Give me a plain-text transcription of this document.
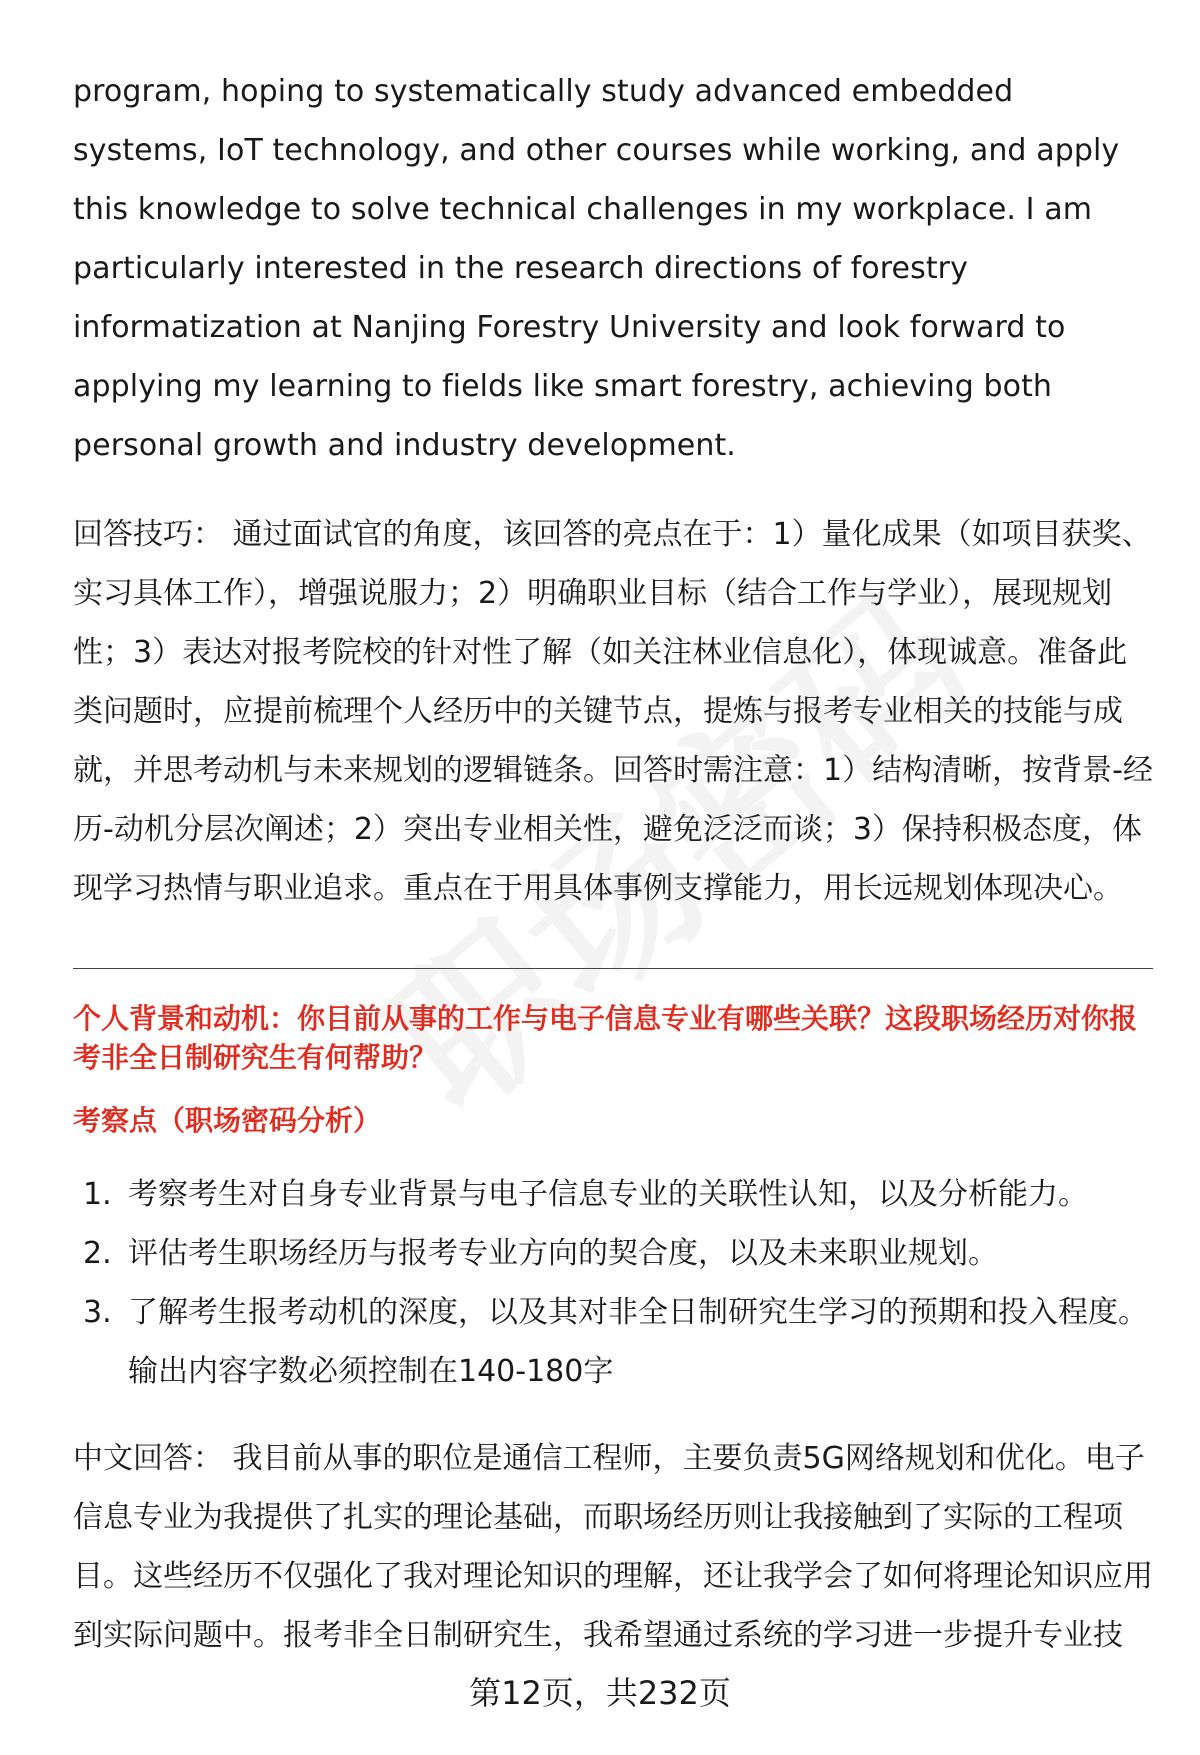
program, hoping to systematically study advanced embedded systems, IoT technology, and other courses while working, and apply this knowledge to solve technical challenges in my workplace. I am particularly interested in the research directions of forestry informatization at Nanjing Forestry University and look forward to applying my learning to fields like smart forestry, achieving both personal growth and industry development.

回答技巧： 通过面试官的角度，该回答的亮点在于：1）量化成果（如项目获奖、实习具体工作），增强说服力；2）明确职业目标（结合工作与学业），展现规划性；3）表达对报考院校的针对性了解（如关注林业信息化），体现诚意。准备此类问题时，应提前梳理个人经历中的关键节点，提炼与报考专业相关的技能与成就，并思考动机与未来规划的逻辑链条。回答时需注意：1）结构清晰，按背景-经历-动机分层次阐述；2）突出专业相关性，避免泛泛而谈；3）保持积极态度，体现学习热情与职业追求。重点在于用具体事例支撑能力，用长远规划体现决心。

个人背景和动机：你目前从事的工作与电子信息专业有哪些关联？这段职场经历对你报考非全日制研究生有何帮助？

考察点（职场密码分析）

1. 考察考生对自身专业背景与电子信息专业的关联性认知，以及分析能力。
2. 评估考生职场经历与报考专业方向的契合度，以及未来职业规划。
3. 了解考生报考动机的深度，以及其对非全日制研究生学习的预期和投入程度。输出内容字数必须控制在140-180字

中文回答： 我目前从事的职位是通信工程师，主要负责5G网络规划和优化。电子信息专业为我提供了扎实的理论基础，而职场经历则让我接触到了实际的工程项目。这些经历不仅强化了我对理论知识的理解，还让我学会了如何将理论知识应用到实际问题中。报考非全日制研究生，我希望通过系统的学习进一步提升专业技

第12页，共232页
